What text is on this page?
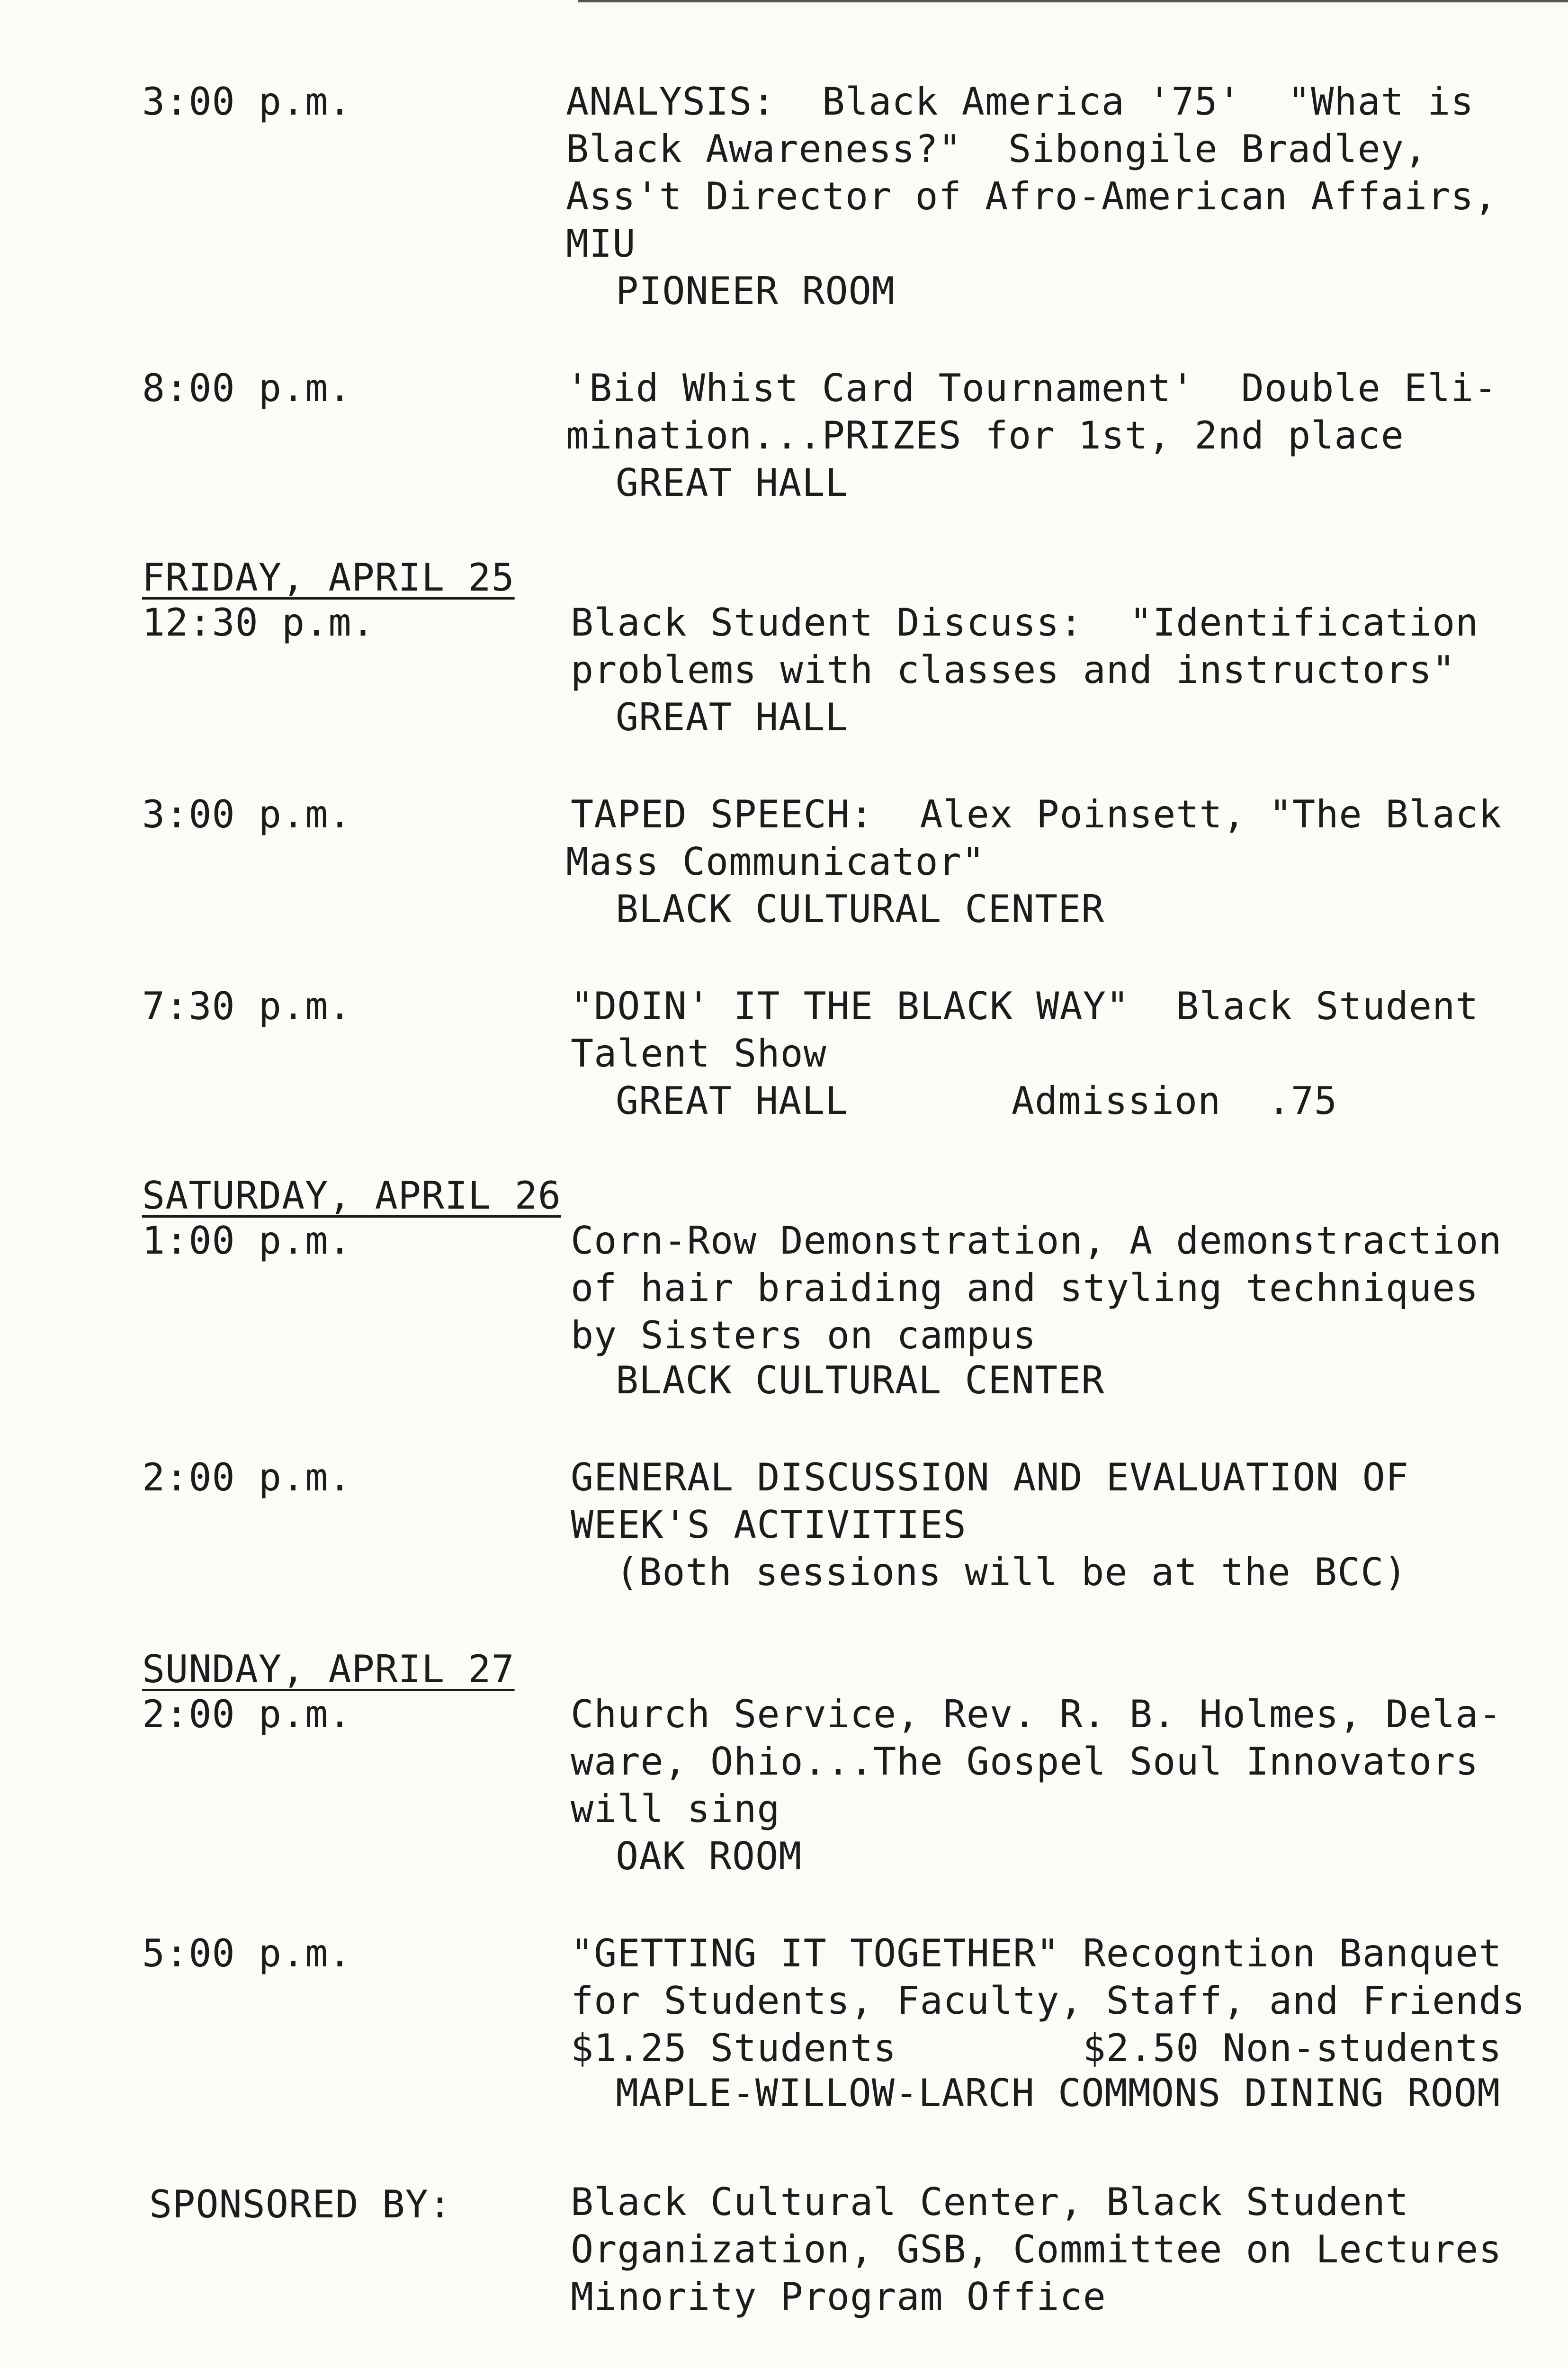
3:00 p.m.	ANALYSIS:  Black America '75'  "What is
Black Awareness?"  Sibongile Bradley,
Ass't Director of Afro-American Affairs,
MIU
PIONEER ROOM
8:00 p.m.	'Bid Whist Card Tournament'  Double Eli-
mination...PRIZES for 1st, 2nd place
GREAT HALL
FRIDAY, APRIL 25
12:30 p.m.	Black Student Discuss:  "Identification
problems with classes and instructors"
GREAT HALL
3:00 p.m.	TAPED SPEECH:  Alex Poinsett, "The Black
Mass Communicator"
BLACK CULTURAL CENTER
7:30 p.m.	"DOIN' IT THE BLACK WAY"  Black Student
Talent Show
GREAT HALL       Admission  .75
SATURDAY, APRIL 26
1:00 p.m.	Corn-Row Demonstration, A demonstraction
of hair braiding and styling techniques
by Sisters on campus
BLACK CULTURAL CENTER
2:00 p.m.	GENERAL DISCUSSION AND EVALUATION OF
WEEK'S ACTIVITIES
(Both sessions will be at the BCC)
SUNDAY, APRIL 27
2:00 p.m.	Church Service, Rev. R. B. Holmes, Dela-
ware, Ohio...The Gospel Soul Innovators
will sing
OAK ROOM
5:00 p.m.	"GETTING IT TOGETHER" Recogntion Banquet
for Students, Faculty, Staff, and Friends
$1.25 Students        $2.50 Non-students
MAPLE-WILLOW-LARCH COMMONS DINING ROOM
SPONSORED BY:	Black Cultural Center, Black Student
Organization, GSB, Committee on Lectures
Minority Program Office
